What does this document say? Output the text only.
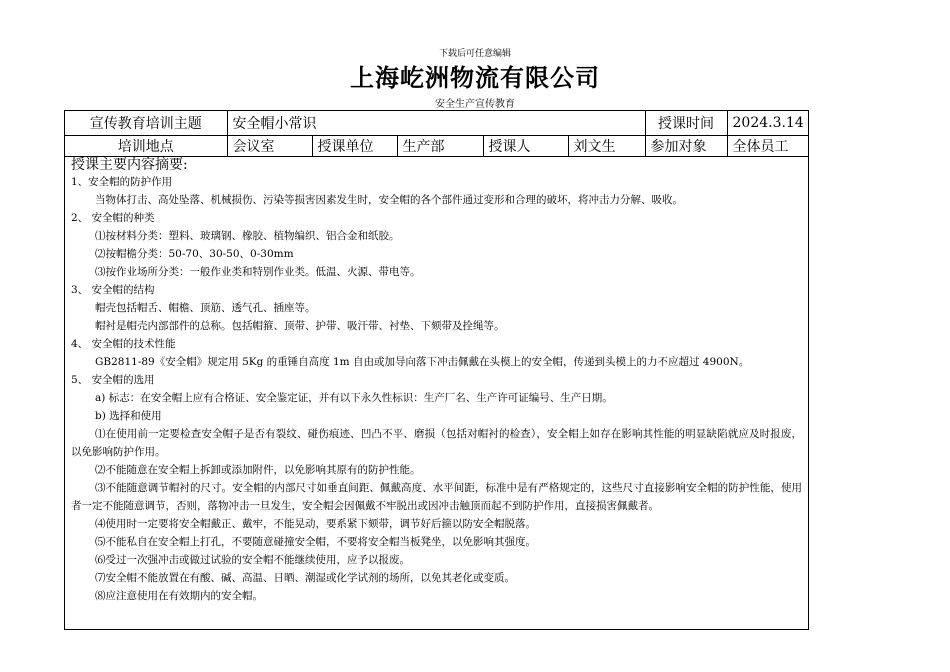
下载后可任意编辑
上海屹洲物流有限公司
安全生产宣传教育
宣传教育培训主题	安全帽小常识					授课时间	2024.3.14
培训地点	会议室	授课单位	生产部	授课人	刘文生	参加对象	全体员工
授课主要内容摘要:
1、安全帽的防护作用
当物体打击、高处坠落、机械损伤、污染等损害因素发生时，安全帽的各个部件通过变形和合理的破坏，将冲击力分解、吸收。
2、 安全帽的种类
⑴按材料分类：塑料、玻璃钢、橡胶、植物编织、铝合金和纸胶。
⑵按帽檐分类：50-70、30-50、0-30mm
⑶按作业场所分类：一般作业类和特别作业类。低温、火源、带电等。
3、 安全帽的结构
帽壳包括帽舌、帽檐、顶筋、透气孔、插座等。
帽衬是帽壳内部部件的总称。包括帽箍、顶带、护带、吸汗带、衬垫、下颏带及拴绳等。
4、 安全帽的技术性能
GB2811-89《安全帽》规定用 5Kg 的重锤自高度 1m 自由或加导向落下冲击佩戴在头模上的安全帽，传递到头模上的力不应超过 4900N。
5、 安全帽的选用
a) 标志：在安全帽上应有合格证、安全鉴定证，并有以下永久性标识：生产厂名、生产许可证编号、生产日期。
b) 选择和使用
⑴在使用前一定要检查安全帽子是否有裂纹、碰伤痕迹、凹凸不平、磨损（包括对帽衬的检查），安全帽上如存在影响其性能的明显缺陷就应及时报废，以免影响防护作用。
⑵不能随意在安全帽上拆卸或添加附件，以免影响其原有的防护性能。
⑶不能随意调节帽衬的尺寸。安全帽的内部尺寸如垂直间距、佩戴高度、水平间距，标准中是有严格规定的，这些尺寸直接影响安全帽的防护性能，使用者一定不能随意调节，否则，落物冲击一旦发生，安全帽会因佩戴不牢脱出或因冲击触顶而起不到防护作用，直接损害佩戴者。
⑷使用时一定要将安全帽戴正、戴牢，不能晃动，要系紧下颏带，调节好后箍以防安全帽脱落。
⑸不能私自在安全帽上打孔，不要随意碰撞安全帽，不要将安全帽当板凳坐，以免影响其强度。
⑹受过一次强冲击或做过试验的安全帽不能继续使用，应予以报废。
⑺安全帽不能放置在有酸、碱、高温、日晒、潮湿或化学试剂的场所，以免其老化或变质。
⑻应注意使用在有效期内的安全帽。
